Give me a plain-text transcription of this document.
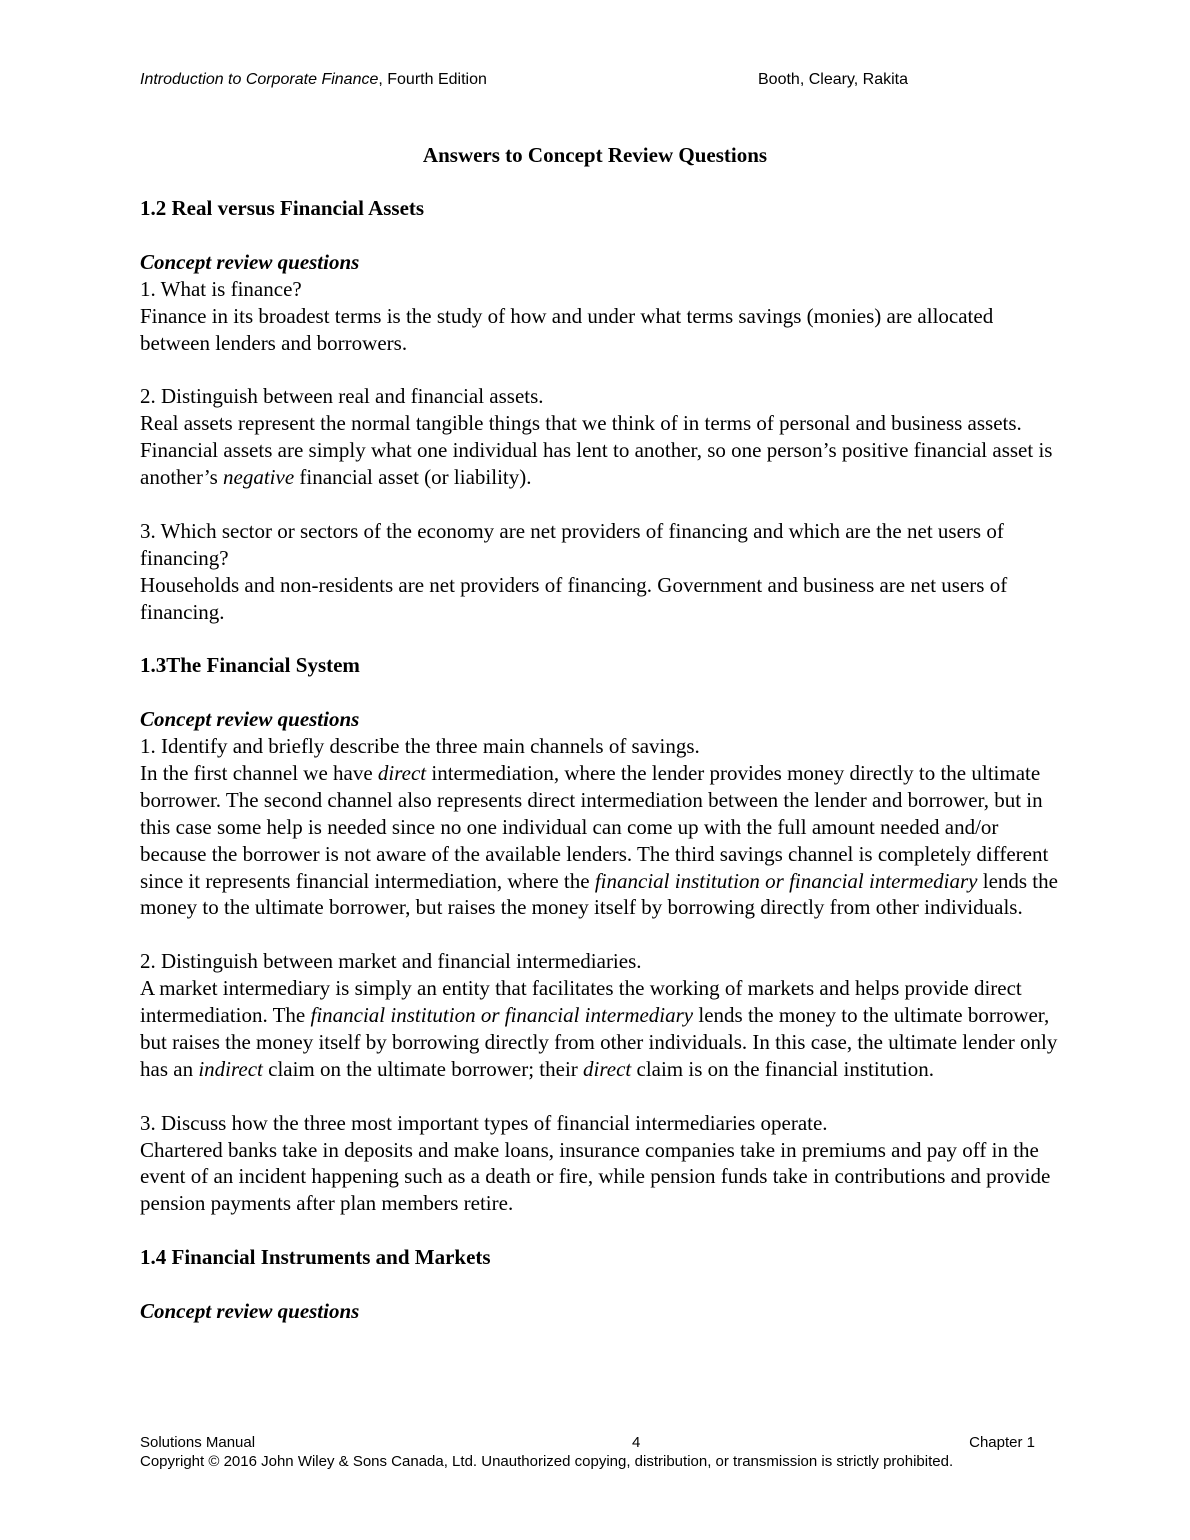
Introduction to Corporate Finance, Fourth Edition	Booth, Cleary, Rakita
Answers to Concept Review Questions

1.2 Real versus Financial Assets

Concept review questions

1. What is finance?

Finance in its broadest terms is the study of how and under what terms savings (monies) are allocated between lenders and borrowers.

2. Distinguish between real and financial assets.

Real assets represent the normal tangible things that we think of in terms of personal and business assets. Financial assets are simply what one individual has lent to another, so one person’s positive financial asset is another’s negative financial asset (or liability).

3. Which sector or sectors of the economy are net providers of financing and which are the net users of financing?

Households and non-residents are net providers of financing. Government and business are net users of financing.

1.3The Financial System

Concept review questions

1. Identify and briefly describe the three main channels of savings.

In the first channel we have direct intermediation, where the lender provides money directly to the ultimate borrower. The second channel also represents direct intermediation between the lender and borrower, but in this case some help is needed since no one individual can come up with the full amount needed and/or because the borrower is not aware of the available lenders. The third savings channel is completely different since it represents financial intermediation, where the financial institution or financial intermediary lends the money to the ultimate borrower, but raises the money itself by borrowing directly from other individuals.

2. Distinguish between market and financial intermediaries.

A market intermediary is simply an entity that facilitates the working of markets and helps provide direct intermediation. The financial institution or financial intermediary lends the money to the ultimate borrower, but raises the money itself by borrowing directly from other individuals. In this case, the ultimate lender only has an indirect claim on the ultimate borrower; their direct claim is on the financial institution.

3. Discuss how the three most important types of financial intermediaries operate.

Chartered banks take in deposits and make loans, insurance companies take in premiums and pay off in the event of an incident happening such as a death or fire, while pension funds take in contributions and provide pension payments after plan members retire.

1.4 Financial Instruments and Markets

Concept review questions

Solutions Manual	4	Chapter 1
Copyright © 2016 John Wiley & Sons Canada, Ltd. Unauthorized copying, distribution, or transmission is strictly prohibited.
